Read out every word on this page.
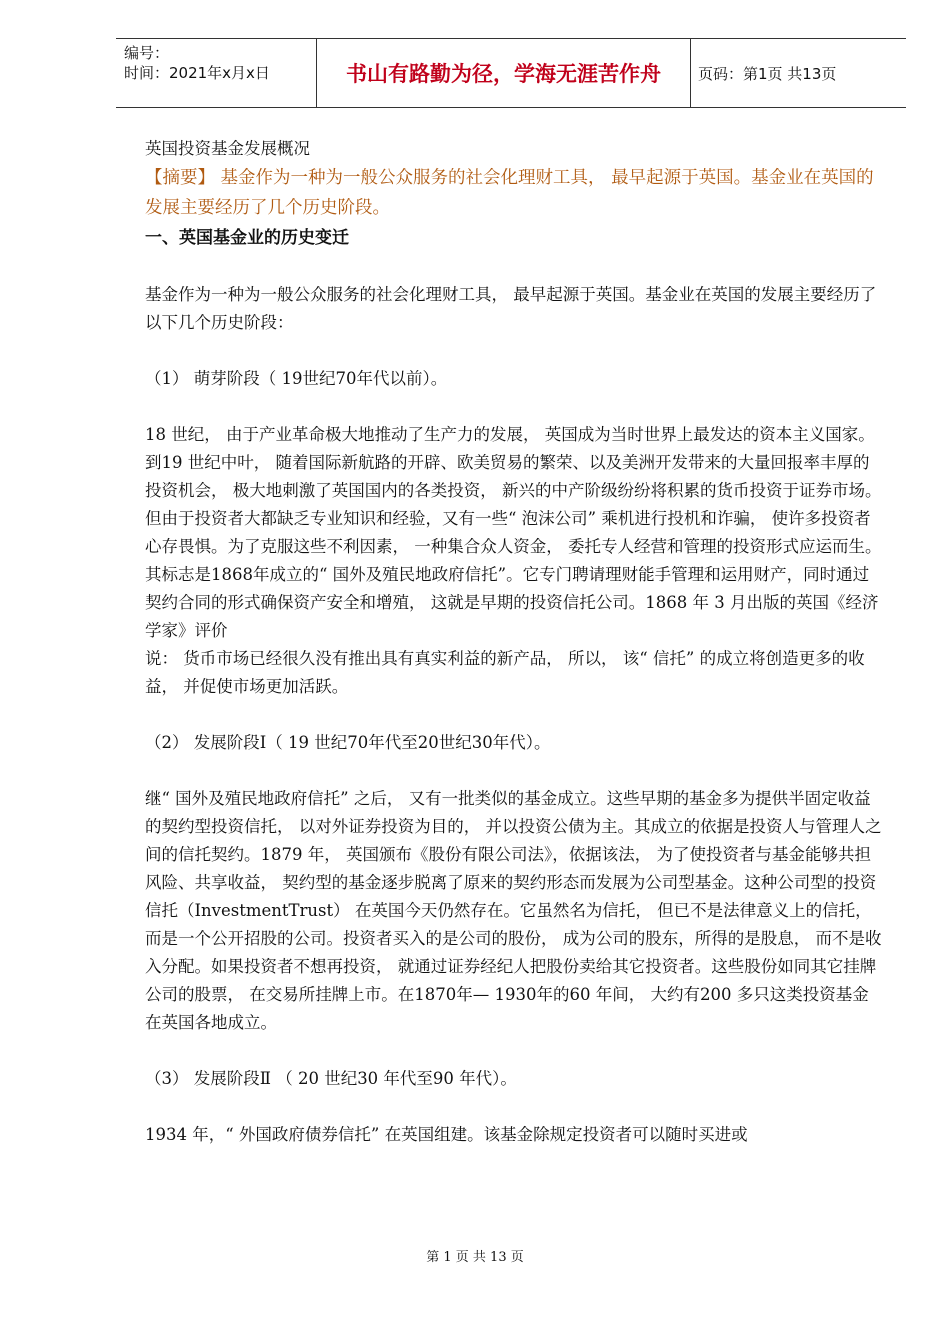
编号：
时间：2021年x月x日	书山有路勤为径，学海无涯苦作舟	页码：第1页 共13页

英国投资基金发展概况

【摘要】 基金作为一种为一般公众服务的社会化理财工具， 最早起源于英国。基金业在英国的发展主要经历了几个历史阶段。

一、英国基金业的历史变迁

基金作为一种为一般公众服务的社会化理财工具， 最早起源于英国。基金业在英国的发展主要经历了以下几个历史阶段：

（1） 萌芽阶段（ 19世纪70年代以前）。

18 世纪， 由于产业革命极大地推动了生产力的发展， 英国成为当时世界上最发达的资本主义国家。到19 世纪中叶， 随着国际新航路的开辟、欧美贸易的繁荣、以及美洲开发带来的大量回报率丰厚的投资机会， 极大地刺激了英国国内的各类投资， 新兴的中产阶级纷纷将积累的货币投资于证券市场。但由于投资者大都缺乏专业知识和经验，又有一些“ 泡沫公司” 乘机进行投机和诈骗， 使许多投资者心存畏惧。为了克服这些不利因素， 一种集合众人资金， 委托专人经营和管理的投资形式应运而生。其标志是1868年成立的“ 国外及殖民地政府信托”。它专门聘请理财能手管理和运用财产，同时通过契约合同的形式确保资产安全和增殖， 这就是早期的投资信托公司。1868 年 3 月出版的英国《经济学家》评价

说： 货币市场已经很久没有推出具有真实利益的新产品， 所以， 该“ 信托” 的成立将创造更多的收益， 并促使市场更加活跃。

（2） 发展阶段Ⅰ（ 19 世纪70年代至20世纪30年代）。

继“ 国外及殖民地政府信托” 之后， 又有一批类似的基金成立。这些早期的基金多为提供半固定收益的契约型投资信托， 以对外证券投资为目的， 并以投资公债为主。其成立的依据是投资人与管理人之间的信托契约。1879 年， 英国颁布《股份有限公司法》，依据该法， 为了使投资者与基金能够共担风险、共享收益， 契约型的基金逐步脱离了原来的契约形态而发展为公司型基金。这种公司型的投资信托（InvestmentTrust） 在英国今天仍然存在。它虽然名为信托， 但已不是法律意义上的信托， 而是一个公开招股的公司。投资者买入的是公司的股份， 成为公司的股东，所得的是股息， 而不是收入分配。如果投资者不想再投资， 就通过证券经纪人把股份卖给其它投资者。这些股份如同其它挂牌公司的股票， 在交易所挂牌上市。在1870年— 1930年的60 年间， 大约有200 多只这类投资基金在英国各地成立。

（3） 发展阶段Ⅱ （ 20 世纪30 年代至90 年代）。

1934 年，“ 外国政府债券信托” 在英国组建。该基金除规定投资者可以随时买进或

第 1 页 共 13 页
